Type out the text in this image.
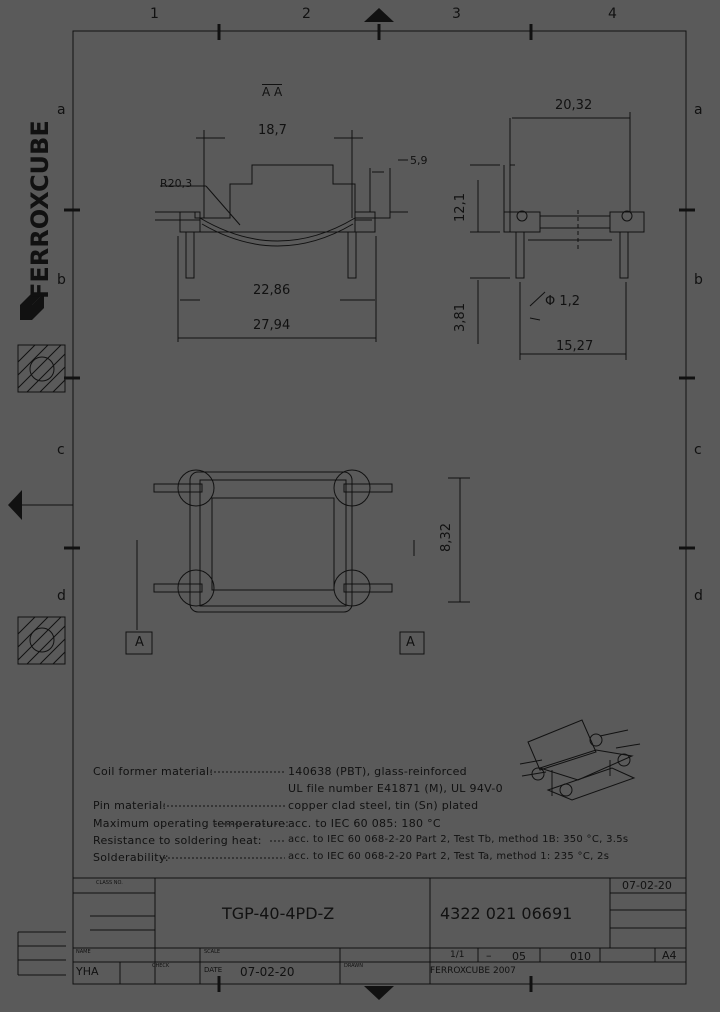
1	2	3	4
a
b
c
d
a
b
c
d
FERROXCUBE
A A
A	A
18,7
R20,3
5,9
22,86
27,94
20,32
12,1
3,81
Φ 1,2
15,27
8,32
Coil former material:	140638 (PBT), glass-reinforced
UL file number E41871 (M), UL 94V-0
Pin material:	copper clad steel, tin (Sn) plated
Maximum operating temperature:
acc. to IEC 60 085: 180 °C
Resistance to soldering heat:	acc. to IEC 60 068-2-20 Part 2, Test Tb, method 1B: 350 °C, 3.5s
Solderability:	acc. to IEC 60 068-2-20 Part 2, Test Ta, method 1: 235 °C, 2s
07-02-20
CLASS NO.
TGP-40-4PD-Z	4322 021 06691
NAME	SCALE
CHECK	DRAWN
DATE
YHA	07-02-20
1/1 – 05	010	A4
FERROXCUBE 2007
